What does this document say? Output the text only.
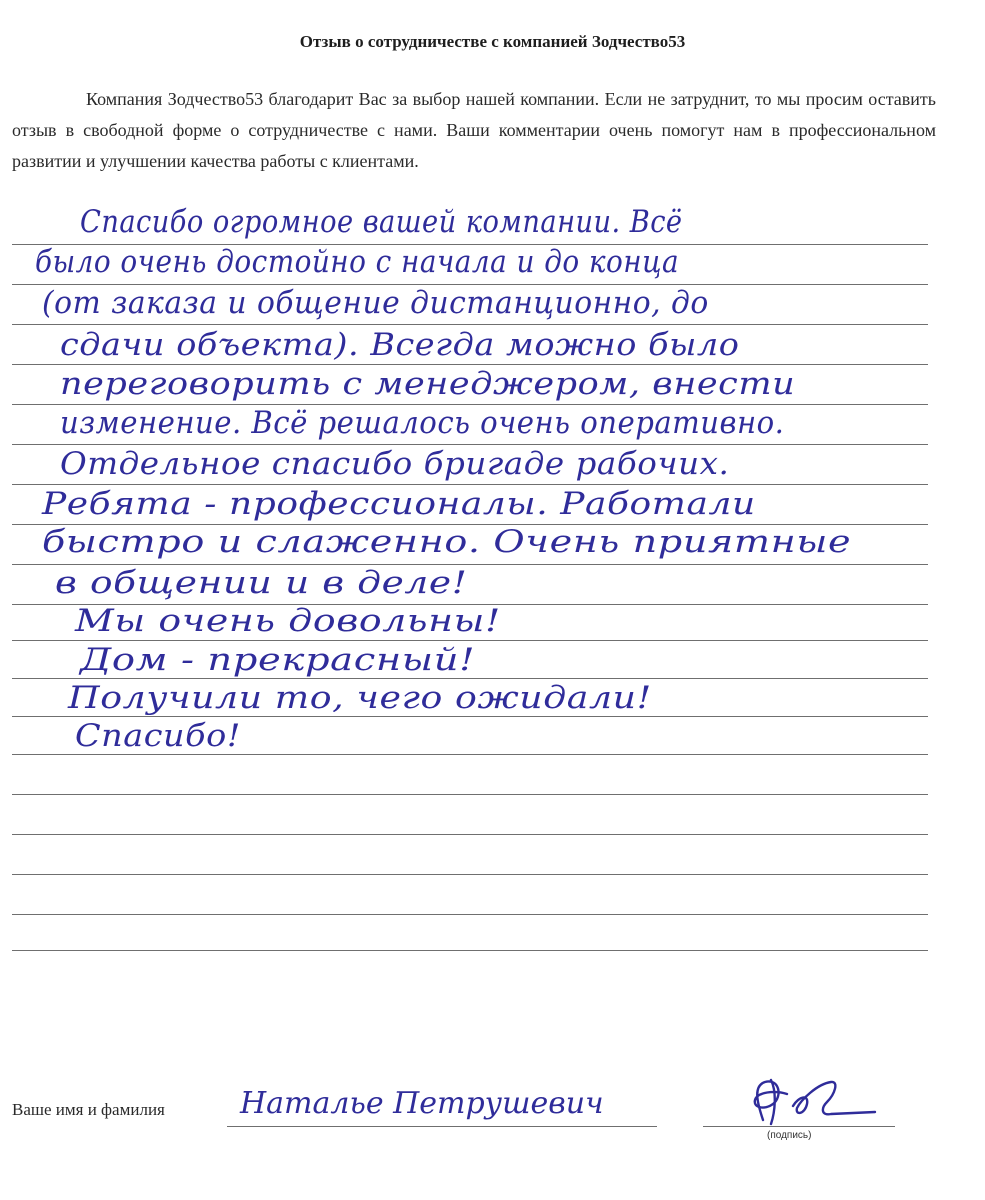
Отзыв о сотрудничестве с компанией Зодчество53
Компания Зодчество53 благодарит Вас за выбор нашей компании. Если не затруднит, то мы просим оставить отзыв в свободной форме о сотрудничестве с нами. Ваши комментарии очень помогут нам в профессиональном развитии и улучшении качества работы с клиентами.
Спасибо огромное вашей компании. Всё
было очень достойно с начала и до конца
(от заказа и общение дистанционно, до
сдачи объекта). Всегда можно было
переговорить с менеджером, внести
изменение. Всё решалось очень оперативно.
Отдельное спасибо бригаде рабочих.
Ребята - профессионалы. Работали
быстро и слаженно. Очень приятные
в общении и в деле!
Мы очень довольны!
Дом - прекрасный!
Получили то, чего ожидали!
Спасибо!
Ваше имя и фамилия	Наталье Петрушевич
(подпись)
